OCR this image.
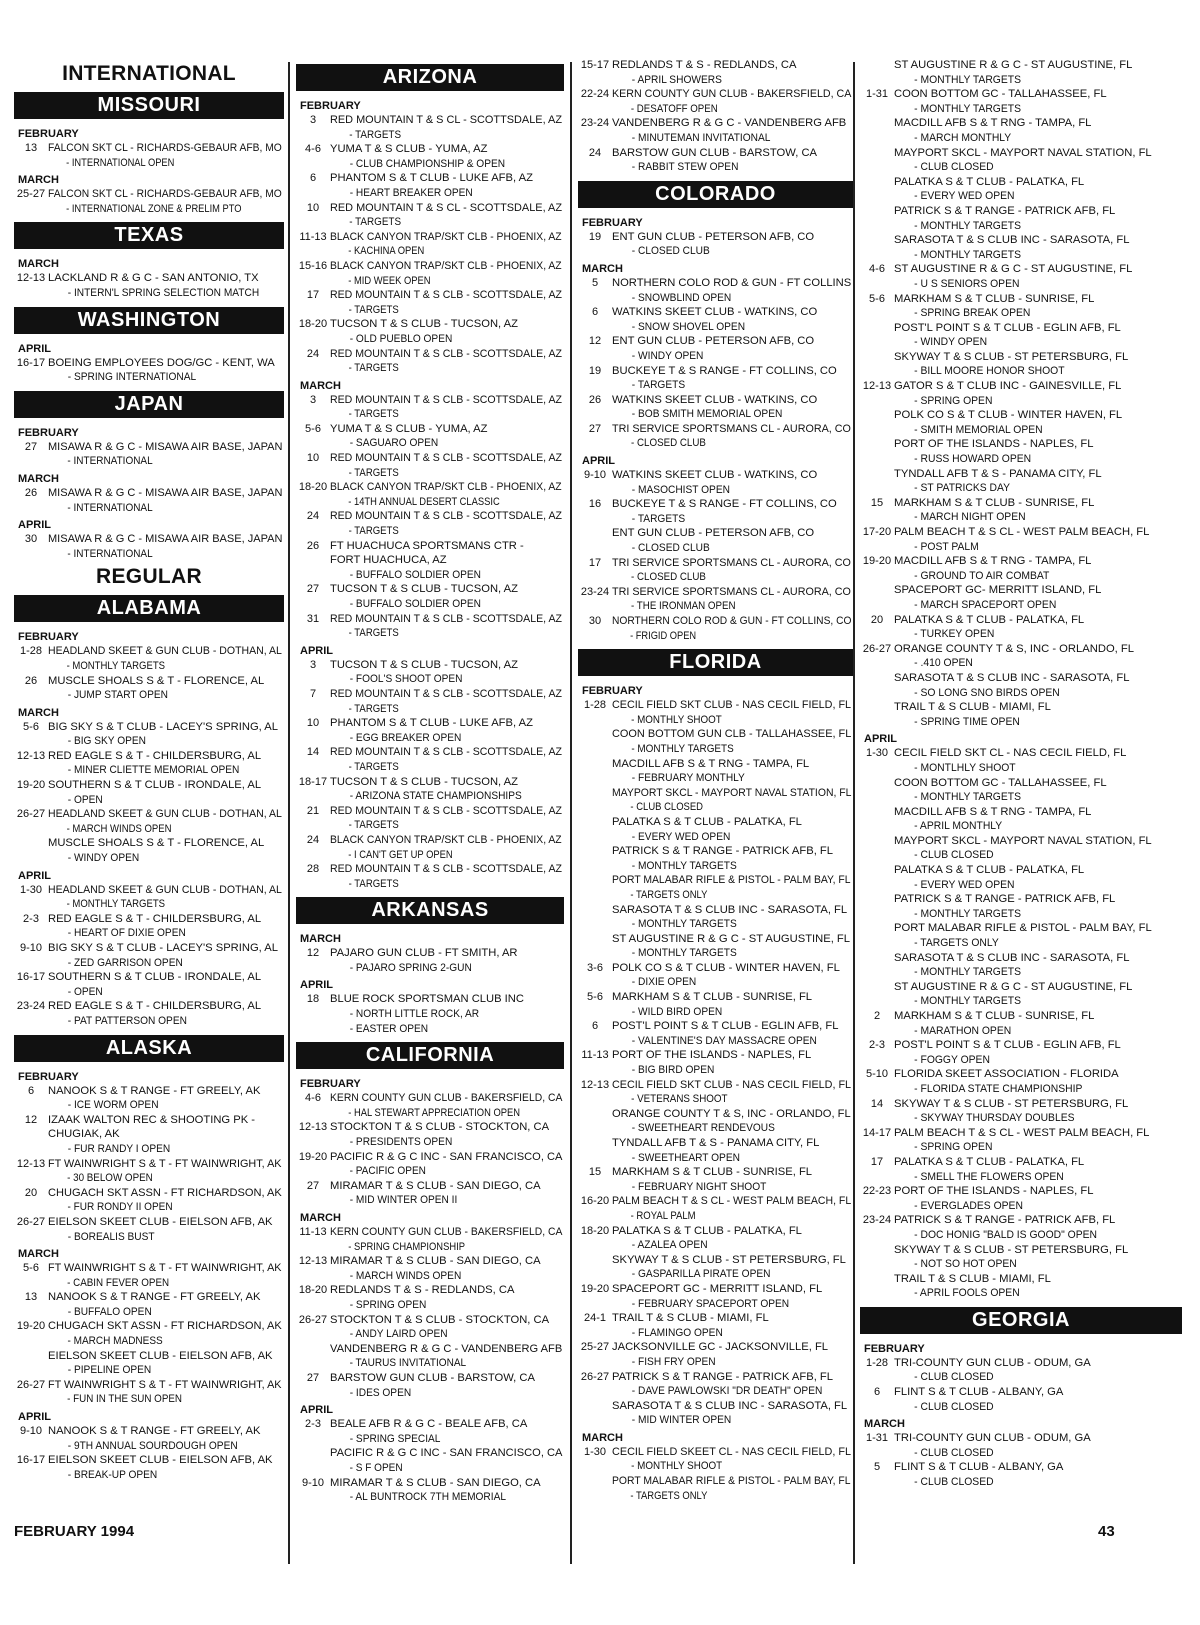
INTERNATIONAL
MISSOURI
FEBRUARY
13 FALCON SKT CL - RICHARDS-GEBAUR AFB, MO
- INTERNATIONAL OPEN
MARCH
25-27 FALCON SKT CL - RICHARDS-GEBAUR AFB, MO
- INTERNATIONAL ZONE & PRELIM PTO
TEXAS
MARCH
12-13 LACKLAND R & G C - SAN ANTONIO, TX
- INTERN'L SPRING SELECTION MATCH
WASHINGTON
APRIL
16-17 BOEING EMPLOYEES DOG/GC - KENT, WA
- SPRING INTERNATIONAL
JAPAN
FEBRUARY
27 MISAWA R & G C - MISAWA AIR BASE, JAPAN
- INTERNATIONAL
MARCH
26 MISAWA R & G C - MISAWA AIR BASE, JAPAN
- INTERNATIONAL
APRIL
30 MISAWA R & G C - MISAWA AIR BASE, JAPAN
- INTERNATIONAL
REGULAR
ALABAMA
FEBRUARY
1-28 HEADLAND SKEET & GUN CLUB - DOTHAN, AL
- MONTHLY TARGETS
26 MUSCLE SHOALS S & T - FLORENCE, AL
- JUMP START OPEN
MARCH
5-6 BIG SKY S & T CLUB - LACEY'S SPRING, AL
- BIG SKY OPEN
12-13 RED EAGLE S & T - CHILDERSBURG, AL
- MINER CLIETTE MEMORIAL OPEN
19-20 SOUTHERN S & T CLUB - IRONDALE, AL
- OPEN
26-27 HEADLAND SKEET & GUN CLUB - DOTHAN, AL
- MARCH WINDS OPEN
MUSCLE SHOALS S & T - FLORENCE, AL
- WINDY OPEN
APRIL
1-30 HEADLAND SKEET & GUN CLUB - DOTHAN, AL
- MONTHLY TARGETS
2-3 RED EAGLE S & T - CHILDERSBURG, AL
- HEART OF DIXIE OPEN
9-10 BIG SKY S & T CLUB - LACEY'S SPRING, AL
- ZED GARRISON OPEN
16-17 SOUTHERN S & T CLUB - IRONDALE, AL
- OPEN
23-24 RED EAGLE S & T - CHILDERSBURG, AL
- PAT PATTERSON OPEN
ALASKA
FEBRUARY
6	NANOOK S & T RANGE - FT GREELY, AK
- ICE WORM OPEN
12 IZAAK WALTON REC & SHOOTING PK -
CHUGIAK, AK
- FUR RANDY I OPEN
12-13 FT WAINWRIGHT S & T - FT WAINWRIGHT, AK
- 30 BELOW OPEN
20 CHUGACH SKT ASSN - FT RICHARDSON, AK
- FUR RONDY II OPEN
26-27 EIELSON SKEET CLUB - EIELSON AFB, AK
- BOREALIS BUST
MARCH
5-6 FT WAINWRIGHT S & T - FT WAINWRIGHT, AK
- CABIN FEVER OPEN
13 NANOOK S & T RANGE - FT GREELY, AK
- BUFFALO OPEN
19-20 CHUGACH SKT ASSN - FT RICHARDSON, AK
- MARCH MADNESS
EIELSON SKEET CLUB - EIELSON AFB, AK
- PIPELINE OPEN
26-27 FT WAINWRIGHT S & T - FT WAINWRIGHT, AK
- FUN IN THE SUN OPEN
APRIL
9-10 NANOOK S & T RANGE - FT GREELY, AK
- 9TH ANNUAL SOURDOUGH OPEN
16-17 EIELSON SKEET CLUB - EIELSON AFB, AK
- BREAK-UP OPEN
ARIZONA
FEBRUARY
3	RED MOUNTAIN T & S CL - SCOTTSDALE, AZ
- TARGETS
4-6 YUMA T & S CLUB - YUMA, AZ
- CLUB CHAMPIONSHIP & OPEN
6	PHANTOM S & T CLUB - LUKE AFB, AZ
- HEART BREAKER OPEN
10 RED MOUNTAIN T & S CL - SCOTTSDALE, AZ
- TARGETS
11-13 BLACK CANYON TRAP/SKT CLB - PHOENIX, AZ
- KACHINA OPEN
15-16 BLACK CANYON TRAP/SKT CLB - PHOENIX, AZ
- MID WEEK OPEN
17 RED MOUNTAIN T & S CLB - SCOTTSDALE, AZ
- TARGETS
18-20 TUCSON T & S CLUB - TUCSON, AZ
- OLD PUEBLO OPEN
24 RED MOUNTAIN T & S CLB - SCOTTSDALE, AZ
- TARGETS
MARCH
3	RED MOUNTAIN T & S CLB - SCOTTSDALE, AZ
- TARGETS
5-6 YUMA T & S CLUB - YUMA, AZ
- SAGUARO OPEN
10 RED MOUNTAIN T & S CLB - SCOTTSDALE, AZ
- TARGETS
18-20 BLACK CANYON TRAP/SKT CLB - PHOENIX, AZ
- 14TH ANNUAL DESERT CLASSIC
24 RED MOUNTAIN T & S CLB - SCOTTSDALE, AZ
- TARGETS
26 FT HUACHUCA SPORTSMANS CTR -
FORT HUACHUCA, AZ
- BUFFALO SOLDIER OPEN
27 TUCSON T & S CLUB - TUCSON, AZ
- BUFFALO SOLDIER OPEN
31 RED MOUNTAIN T & S CLB - SCOTTSDALE, AZ
- TARGETS
APRIL
3	TUCSON T & S CLUB - TUCSON, AZ
- FOOL'S SHOOT OPEN
7	RED MOUNTAIN T & S CLB - SCOTTSDALE, AZ
- TARGETS
10 PHANTOM S & T CLUB - LUKE AFB, AZ
- EGG BREAKER OPEN
14 RED MOUNTAIN T & S CLB - SCOTTSDALE, AZ
- TARGETS
18-17 TUCSON T & S CLUB - TUCSON, AZ
- ARIZONA STATE CHAMPIONSHIPS
21 RED MOUNTAIN T & S CLB - SCOTTSDALE, AZ
- TARGETS
24 BLACK CANYON TRAP/SKT CLB - PHOENIX, AZ
- I CAN'T GET UP OPEN
28 RED MOUNTAIN T & S CLB - SCOTTSDALE, AZ
- TARGETS
ARKANSAS
MARCH
12 PAJARO GUN CLUB - FT SMITH, AR
- PAJARO SPRING 2-GUN
APRIL
18 BLUE ROCK SPORTSMAN CLUB INC
- NORTH LITTLE ROCK, AR
- EASTER OPEN
CALIFORNIA
FEBRUARY
4-6 KERN COUNTY GUN CLUB - BAKERSFIELD, CA
- HAL STEWART APPRECIATION OPEN
12-13 STOCKTON T & S CLUB - STOCKTON, CA
- PRESIDENTS OPEN
19-20 PACIFIC R & G C INC - SAN FRANCISCO, CA
- PACIFIC OPEN
27 MIRAMAR T & S CLUB - SAN DIEGO, CA
- MID WINTER OPEN II
MARCH
11-13 KERN COUNTY GUN CLUB - BAKERSFIELD, CA
- SPRING CHAMPIONSHIP
12-13 MIRAMAR T & S CLUB - SAN DIEGO, CA
- MARCH WINDS OPEN
18-20 REDLANDS T & S - REDLANDS, CA
- SPRING OPEN
26-27 STOCKTON T & S CLUB - STOCKTON, CA
- ANDY LAIRD OPEN
VANDENBERG R & G C - VANDENBERG AFB
- TAURUS INVITATIONAL
27 BARSTOW GUN CLUB - BARSTOW, CA
- IDES OPEN
APRIL
2-3 BEALE AFB R & G C - BEALE AFB, CA
- SPRING SPECIAL
PACIFIC R & G C INC - SAN FRANCISCO, CA
- S F OPEN
9-10 MIRAMAR T & S CLUB - SAN DIEGO, CA
- AL BUNTROCK 7TH MEMORIAL
15-17 REDLANDS T & S - REDLANDS, CA
- APRIL SHOWERS
22-24 KERN COUNTY GUN CLUB - BAKERSFIELD, CA
- DESATOFF OPEN
23-24 VANDENBERG R & G C - VANDENBERG AFB
- MINUTEMAN INVITATIONAL
24 BARSTOW GUN CLUB - BARSTOW, CA
- RABBIT STEW OPEN
COLORADO
FEBRUARY
19 ENT GUN CLUB - PETERSON AFB, CO
- CLOSED CLUB
MARCH
5	NORTHERN COLO ROD & GUN - FT COLLINS
- SNOWBLIND OPEN
6	WATKINS SKEET CLUB - WATKINS, CO
- SNOW SHOVEL OPEN
12 ENT GUN CLUB - PETERSON AFB, CO
- WINDY OPEN
19 BUCKEYE T & S RANGE - FT COLLINS, CO
- TARGETS
26 WATKINS SKEET CLUB - WATKINS, CO
- BOB SMITH MEMORIAL OPEN
27 TRI SERVICE SPORTSMANS CL - AURORA, CO
- CLOSED CLUB
APRIL
9-10 WATKINS SKEET CLUB - WATKINS, CO
- MASOCHIST OPEN
16 BUCKEYE T & S RANGE - FT COLLINS, CO
- TARGETS
ENT GUN CLUB - PETERSON AFB, CO
- CLOSED CLUB
17 TRI SERVICE SPORTSMANS CL - AURORA, CO
- CLOSED CLUB
23-24 TRI SERVICE SPORTSMANS CL - AURORA, CO
- THE IRONMAN OPEN
30 NORTHERN COLO ROD & GUN - FT COLLINS, CO
- FRIGID OPEN
FLORIDA
FEBRUARY
1-28 CECIL FIELD SKT CLUB - NAS CECIL FIELD, FL
- MONTHLY SHOOT
COON BOTTOM GUN CLB - TALLAHASSEE, FL
- MONTHLY TARGETS
MACDILL AFB S & T RNG - TAMPA, FL
- FEBRUARY MONTHLY
MAYPORT SKCL - MAYPORT NAVAL STATION, FL
- CLUB CLOSED
PALATKA S & T CLUB - PALATKA, FL
- EVERY WED OPEN
PATRICK S & T RANGE - PATRICK AFB, FL
- MONTHLY TARGETS
PORT MALABAR RIFLE & PISTOL - PALM BAY, FL
- TARGETS ONLY
SARASOTA T & S CLUB INC - SARASOTA, FL
- MONTHLY TARGETS
ST AUGUSTINE R & G C - ST AUGUSTINE, FL
- MONTHLY TARGETS
3-6 POLK CO S & T CLUB - WINTER HAVEN, FL
- DIXIE OPEN
5-6 MARKHAM S & T CLUB - SUNRISE, FL
- WILD BIRD OPEN
6	POST'L POINT S & T CLUB - EGLIN AFB, FL
- VALENTINE'S DAY MASSACRE OPEN
11-13 PORT OF THE ISLANDS - NAPLES, FL
- BIG BIRD OPEN
12-13 CECIL FIELD SKT CLUB - NAS CECIL FIELD, FL
- VETERANS SHOOT
ORANGE COUNTY T & S, INC - ORLANDO, FL
- SWEETHEART RENDEVOUS
TYNDALL AFB T & S - PANAMA CITY, FL
- SWEETHEART OPEN
15 MARKHAM S & T CLUB - SUNRISE, FL
- FEBRUARY NIGHT SHOOT
16-20 PALM BEACH T & S CL - WEST PALM BEACH, FL
- ROYAL PALM
18-20 PALATKA S & T CLUB - PALATKA, FL
- AZALEA OPEN
SKYWAY T & S CLUB - ST PETERSBURG, FL
- GASPARILLA PIRATE OPEN
19-20 SPACEPORT GC - MERRITT ISLAND, FL
- FEBRUARY SPACEPORT OPEN
24-1 TRAIL T & S CLUB - MIAMI, FL
- FLAMINGO OPEN
25-27 JACKSONVILLE GC - JACKSONVILLE, FL
- FISH FRY OPEN
26-27 PATRICK S & T RANGE - PATRICK AFB, FL
- DAVE PAWLOWSKI "DR DEATH" OPEN
SARASOTA T & S CLUB INC - SARASOTA, FL
- MID WINTER OPEN
MARCH
1-30 CECIL FIELD SKEET CL - NAS CECIL FIELD, FL
- MONTHLY SHOOT
PORT MALABAR RIFLE & PISTOL - PALM BAY, FL
- TARGETS ONLY
ST AUGUSTINE R & G C - ST AUGUSTINE, FL
- MONTHLY TARGETS
1-31 COON BOTTOM GC - TALLAHASSEE, FL
- MONTHLY TARGETS
MACDILL AFB S & T RNG - TAMPA, FL
- MARCH MONTHLY
MAYPORT SKCL - MAYPORT NAVAL STATION, FL
- CLUB CLOSED
PALATKA S & T CLUB - PALATKA, FL
- EVERY WED OPEN
PATRICK S & T RANGE - PATRICK AFB, FL
- MONTHLY TARGETS
SARASOTA T & S CLUB INC - SARASOTA, FL
- MONTHLY TARGETS
4-6 ST AUGUSTINE R & G C - ST AUGUSTINE, FL
- U S SENIORS OPEN
5-6 MARKHAM S & T CLUB - SUNRISE, FL
- SPRING BREAK OPEN
POST'L POINT S & T CLUB - EGLIN AFB, FL
- WINDY OPEN
SKYWAY T & S CLUB - ST PETERSBURG, FL
- BILL MOORE HONOR SHOOT
12-13 GATOR S & T CLUB INC - GAINESVILLE, FL
- SPRING OPEN
POLK CO S & T CLUB - WINTER HAVEN, FL
- SMITH MEMORIAL OPEN
PORT OF THE ISLANDS - NAPLES, FL
- RUSS HOWARD OPEN
TYNDALL AFB T & S - PANAMA CITY, FL
- ST PATRICKS DAY
15 MARKHAM S & T CLUB - SUNRISE, FL
- MARCH NIGHT OPEN
17-20 PALM BEACH T & S CL - WEST PALM BEACH, FL
- POST PALM
19-20 MACDILL AFB S & T RNG - TAMPA, FL
- GROUND TO AIR COMBAT
SPACEPORT GC- MERRITT ISLAND, FL
- MARCH SPACEPORT OPEN
20 PALATKA S & T CLUB - PALATKA, FL
- TURKEY OPEN
26-27 ORANGE COUNTY T & S, INC - ORLANDO, FL
- .410 OPEN
SARASOTA T & S CLUB INC - SARASOTA, FL
- SO LONG SNO BIRDS OPEN
TRAIL T & S CLUB - MIAMI, FL
- SPRING TIME OPEN
APRIL
1-30 CECIL FIELD SKT CL - NAS CECIL FIELD, FL
- MONTLHLY SHOOT
COON BOTTOM GC - TALLAHASSEE, FL
- MONTHLY TARGETS
MACDILL AFB S & T RNG - TAMPA, FL
- APRIL MONTHLY
MAYPORT SKCL - MAYPORT NAVAL STATION, FL
- CLUB CLOSED
PALATKA S & T CLUB - PALATKA, FL
- EVERY WED OPEN
PATRICK S & T RANGE - PATRICK AFB, FL
- MONTHLY TARGETS
PORT MALABAR RIFLE & PISTOL - PALM BAY, FL
- TARGETS ONLY
SARASOTA T & S CLUB INC - SARASOTA, FL
- MONTHLY TARGETS
ST AUGUSTINE R & G C - ST AUGUSTINE, FL
- MONTHLY TARGETS
2	MARKHAM S & T CLUB - SUNRISE, FL
- MARATHON OPEN
2-3 POST'L POINT S & T CLUB - EGLIN AFB, FL
- FOGGY OPEN
5-10 FLORIDA SKEET ASSOCIATION - FLORIDA
- FLORIDA STATE CHAMPIONSHIP
14 SKYWAY T & S CLUB - ST PETERSBURG, FL
- SKYWAY THURSDAY DOUBLES
14-17 PALM BEACH T & S CL - WEST PALM BEACH, FL
- SPRING OPEN
17 PALATKA S & T CLUB - PALATKA, FL
- SMELL THE FLOWERS OPEN
22-23 PORT OF THE ISLANDS - NAPLES, FL
- EVERGLADES OPEN
23-24 PATRICK S & T RANGE - PATRICK AFB, FL
- DOC HONIG "BALD IS GOOD" OPEN
SKYWAY T & S CLUB - ST PETERSBURG, FL
- NOT SO HOT OPEN
TRAIL T & S CLUB - MIAMI, FL
- APRIL FOOLS OPEN
GEORGIA
FEBRUARY
1-28 TRI-COUNTY GUN CLUB - ODUM, GA
- CLUB CLOSED
6	FLINT S & T CLUB - ALBANY, GA
- CLUB CLOSED
MARCH
1-31 TRI-COUNTY GUN CLUB - ODUM, GA
- CLUB CLOSED
5	FLINT S & T CLUB - ALBANY, GA
- CLUB CLOSED
FEBRUARY 1994	43
